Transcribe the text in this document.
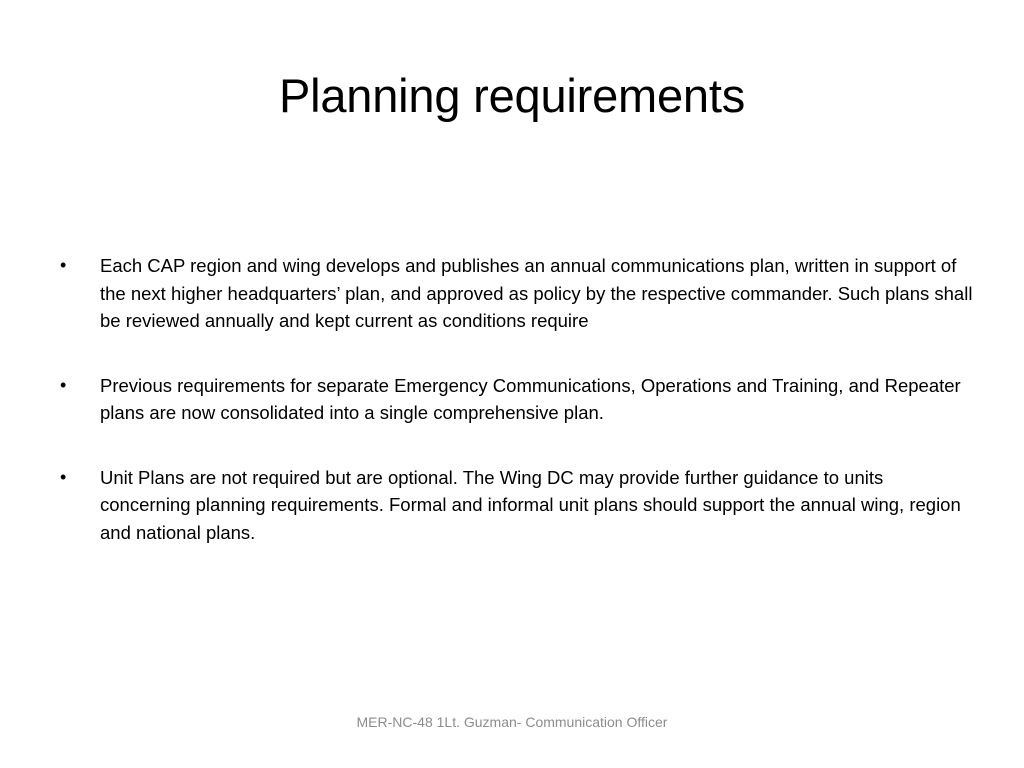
Planning requirements
• Each CAP region and wing develops and publishes an annual communications plan, written in support of the next higher headquarters’ plan, and approved as policy by the respective commander. Such plans shall be reviewed annually and kept current as conditions require
• Previous requirements for separate Emergency Communications, Operations and Training, and Repeater plans are now consolidated into a single comprehensive plan.
• Unit Plans are not required but are optional. The Wing DC may provide further guidance to units concerning planning requirements. Formal and informal unit plans should support the annual wing, region and national plans.
MER-NC-48 1Lt. Guzman- Communication Officer
